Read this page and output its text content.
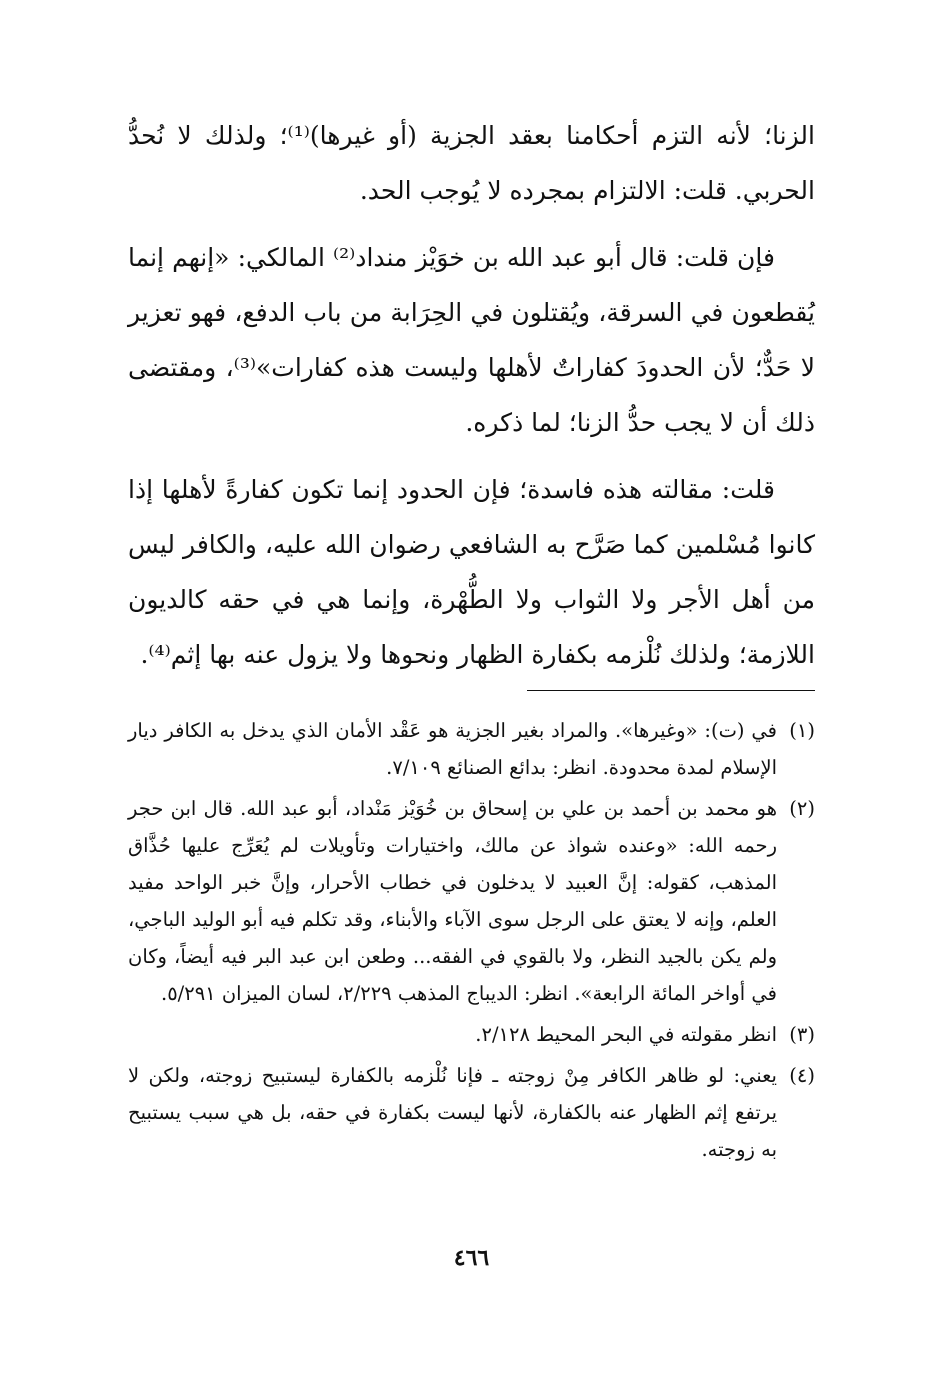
الزنا؛ لأنه التزم أحكامنا بعقد الجزية (أو غيرها)⁽¹⁾؛ ولذلك لا نُحدُّ الحربي. قلت: الالتزام بمجرده لا يُوجب الحد.

فإن قلت: قال أبو عبد الله بن خوَيْز منداد⁽²⁾ المالكي: «إنهم إنما يُقطعون في السرقة، ويُقتلون في الحِرَابة من باب الدفع، فهو تعزير لا حَدٌّ؛ لأن الحدودَ كفاراتٌ لأهلها وليست هذه كفارات»⁽³⁾، ومقتضى ذلك أن لا يجب حدُّ الزنا؛ لما ذكره.

قلت: مقالته هذه فاسدة؛ فإن الحدود إنما تكون كفارةً لأهلها إذا كانوا مُسْلمين كما صَرَّح به الشافعي رضوان الله عليه، والكافر ليس من أهل الأجر ولا الثواب ولا الطُّهْرة، وإنما هي في حقه كالديون اللازمة؛ ولذلك نُلْزمه بكفارة الظهار ونحوها ولا يزول عنه بها إثم⁽⁴⁾.

(١)
في (ت): «وغيرها». والمراد بغير الجزية هو عَقْد الأمان الذي يدخل به الكافر ديار الإسلام لمدة محدودة. انظر: بدائع الصنائع ٧/١٠٩.
(٢)
هو محمد بن أحمد بن علي بن إسحاق بن خُوَيْز مَنْداد، أبو عبد الله. قال ابن حجر رحمه الله: «وعنده شواذ عن مالك، واختيارات وتأويلات لم يُعَرِّج عليها حُذَّاق المذهب، كقوله: إنَّ العبيد لا يدخلون في خطاب الأحرار، وإنَّ خبر الواحد مفيد العلم، وإنه لا يعتق على الرجل سوى الآباء والأبناء، وقد تكلم فيه أبو الوليد الباجي، ولم يكن بالجيد النظر، ولا بالقوي في الفقه... وطعن ابن عبد البر فيه أيضاً، وكان في أواخر المائة الرابعة». انظر: الديباج المذهب ٢/٢٢٩، لسان الميزان ٥/٢٩١.
(٣)
انظر مقولته في البحر المحيط ٢/١٢٨.
(٤)
يعني: لو ظاهر الكافر مِنْ زوجته ـ فإنا نُلْزمه بالكفارة ليستبيح زوجته، ولكن لا يرتفع إثم الظهار عنه بالكفارة، لأنها ليست بكفارة في حقه، بل هي سبب يستبيح به زوجته.
٤٦٦
